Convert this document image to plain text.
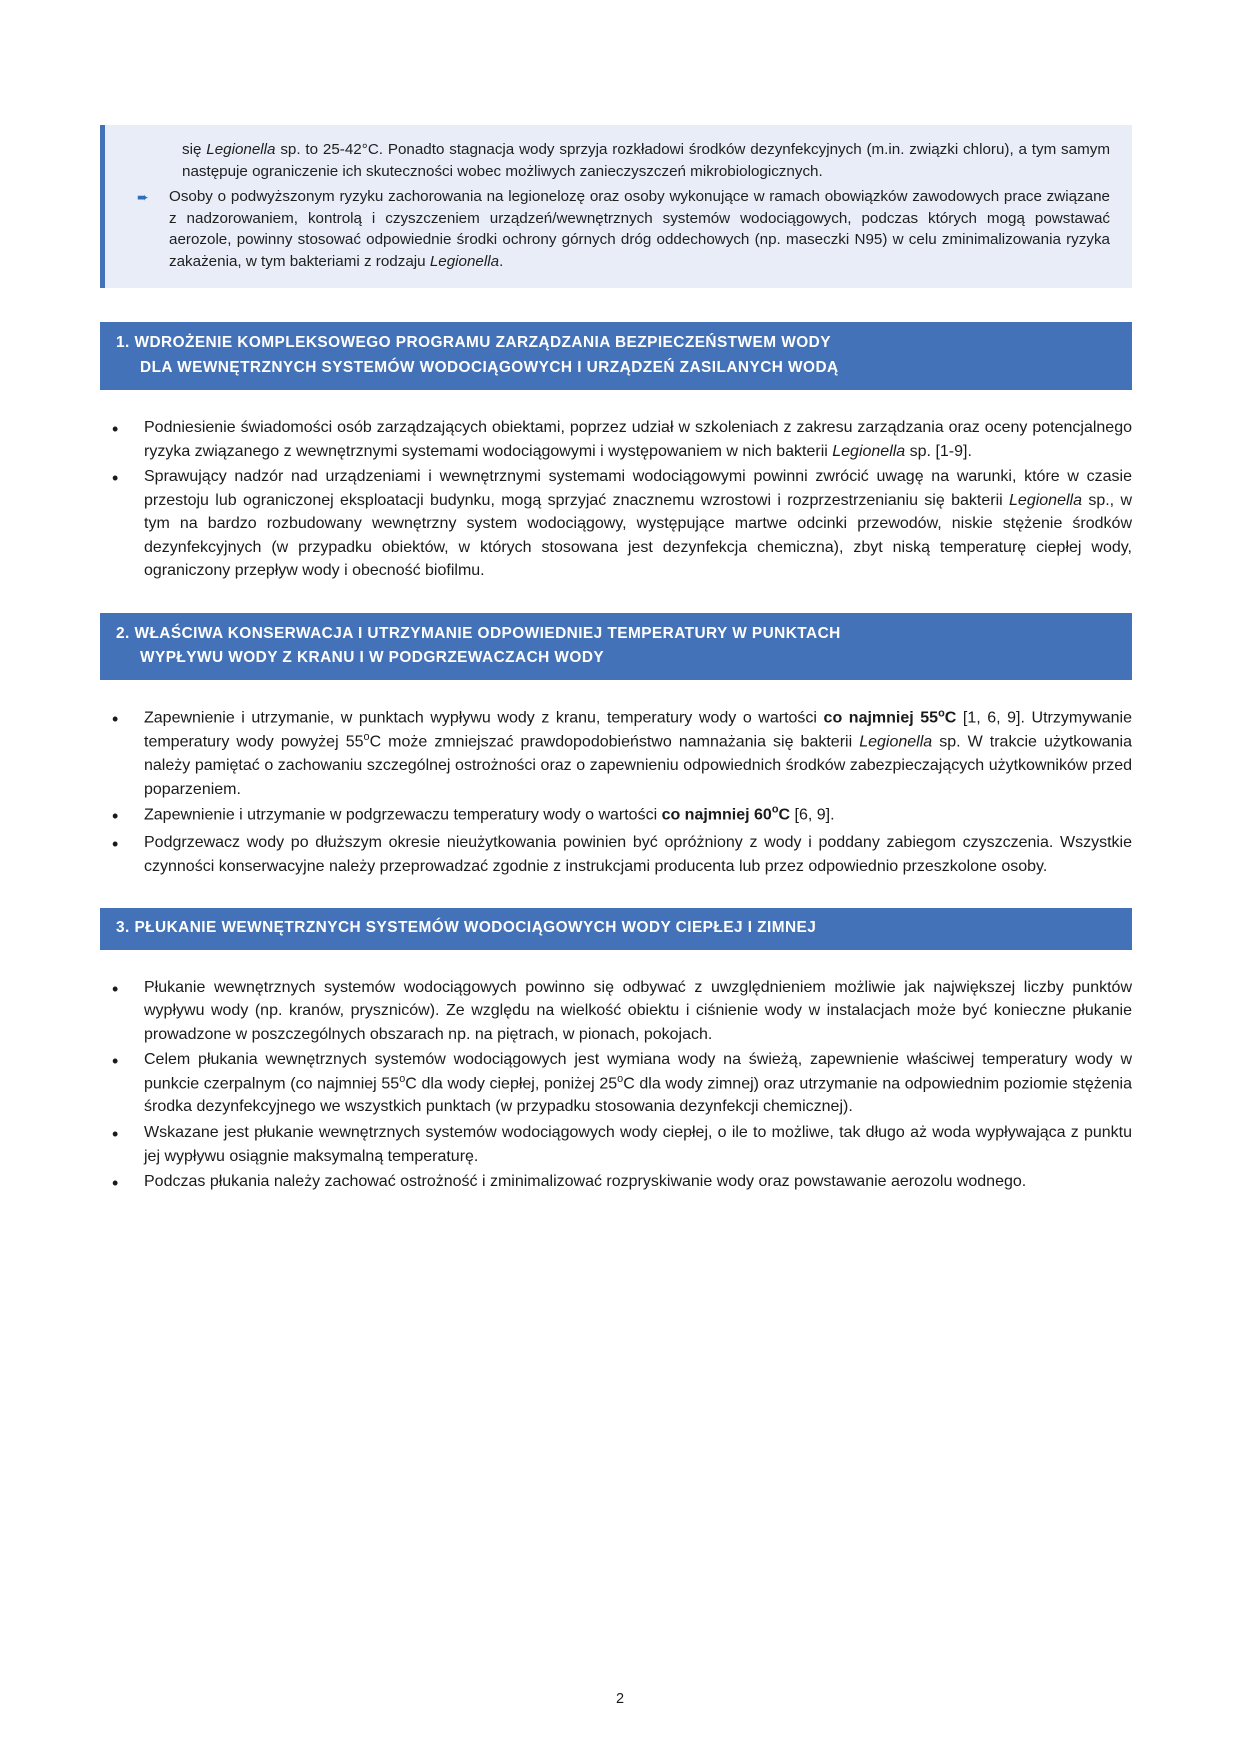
się Legionella sp. to 25-42°C. Ponadto stagnacja wody sprzyja rozkładowi środków dezynfekcyjnych (m.in. związki chloru), a tym samym następuje ograniczenie ich skuteczności wobec możliwych zanieczyszczeń mikrobiologicznych.

➨	Osoby o podwyższonym ryzyku zachorowania na legionelozę oraz osoby wykonujące w ramach obowiązków zawodowych prace związane z nadzorowaniem, kontrolą i czyszczeniem urządzeń/wewnętrznych systemów wodociągowych, podczas których mogą powstawać aerozole, powinny stosować odpowiednie środki ochrony górnych dróg oddechowych (np. maseczki N95) w celu zminimalizowania ryzyka zakażenia, w tym bakteriami z rodzaju Legionella.

1. WDROŻENIE KOMPLEKSOWEGO PROGRAMU ZARZĄDZANIA BEZPIECZEŃSTWEM WODY
DLA WEWNĘTRZNYCH SYSTEMÓW WODOCIĄGOWYCH I URZĄDZEŃ ZASILANYCH WODĄ
•	Podniesienie świadomości osób zarządzających obiektami, poprzez udział w szkoleniach z zakresu zarządzania oraz oceny potencjalnego ryzyka związanego z wewnętrznymi systemami wodociągowymi i występowaniem w nich bakterii Legionella sp. [1-9].

•	Sprawujący nadzór nad urządzeniami i wewnętrznymi systemami wodociągowymi powinni zwrócić uwagę na warunki, które w czasie przestoju lub ograniczonej eksploatacji budynku, mogą sprzyjać znacznemu wzrostowi i rozprzestrzenianiu się bakterii Legionella sp., w tym na bardzo rozbudowany wewnętrzny system wodociągowy, występujące martwe odcinki przewodów, niskie stężenie środków dezynfekcyjnych (w przypadku obiektów, w których stosowana jest dezynfekcja chemiczna), zbyt niską temperaturę ciepłej wody, ograniczony przepływ wody i obecność biofilmu.

2. WŁAŚCIWA KONSERWACJA I UTRZYMANIE ODPOWIEDNIEJ TEMPERATURY W PUNKTACH
WYPŁYWU WODY Z KRANU I W PODGRZEWACZACH WODY
•	Zapewnienie i utrzymanie, w punktach wypływu wody z kranu, temperatury wody o wartości co najmniej 55$^o$C [1, 6, 9]. Utrzymywanie temperatury wody powyżej 55$^o$C może zmniejszać prawdopodobieństwo namnażania się bakterii Legionella sp. W trakcie użytkowania należy pamiętać o zachowaniu szczególnej ostrożności oraz o zapewnieniu odpowiednich środków zabezpieczających użytkowników przed poparzeniem.

•	Zapewnienie i utrzymanie w podgrzewaczu temperatury wody o wartości co najmniej 60$^o$C [6, 9].

•	Podgrzewacz wody po dłuższym okresie nieużytkowania powinien być opróżniony z wody i poddany zabiegom czyszczenia. Wszystkie czynności konserwacyjne należy przeprowadzać zgodnie z instrukcjami producenta lub przez odpowiednio przeszkolone osoby.

3. PŁUKANIE WEWNĘTRZNYCH SYSTEMÓW WODOCIĄGOWYCH WODY CIEPŁEJ I ZIMNEJ
•	Płukanie wewnętrznych systemów wodociągowych powinno się odbywać z uwzględnieniem możliwie jak największej liczby punktów wypływu wody (np. kranów, pryszniców). Ze względu na wielkość obiektu i ciśnienie wody w instalacjach może być konieczne płukanie prowadzone w poszczególnych obszarach np. na piętrach, w pionach, pokojach.

•	Celem płukania wewnętrznych systemów wodociągowych jest wymiana wody na świeżą, zapewnienie właściwej temperatury wody w punkcie czerpalnym (co najmniej 55$^o$C dla wody ciepłej, poniżej 25$^o$C dla wody zimnej) oraz utrzymanie na odpowiednim poziomie stężenia środka dezynfekcyjnego we wszystkich punktach (w przypadku stosowania dezynfekcji chemicznej).

•	Wskazane jest płukanie wewnętrznych systemów wodociągowych wody ciepłej, o ile to możliwe, tak długo aż woda wypływająca z punktu jej wypływu osiągnie maksymalną temperaturę.

•	Podczas płukania należy zachować ostrożność i zminimalizować rozpryskiwanie wody oraz powstawanie aerozolu wodnego.

2
